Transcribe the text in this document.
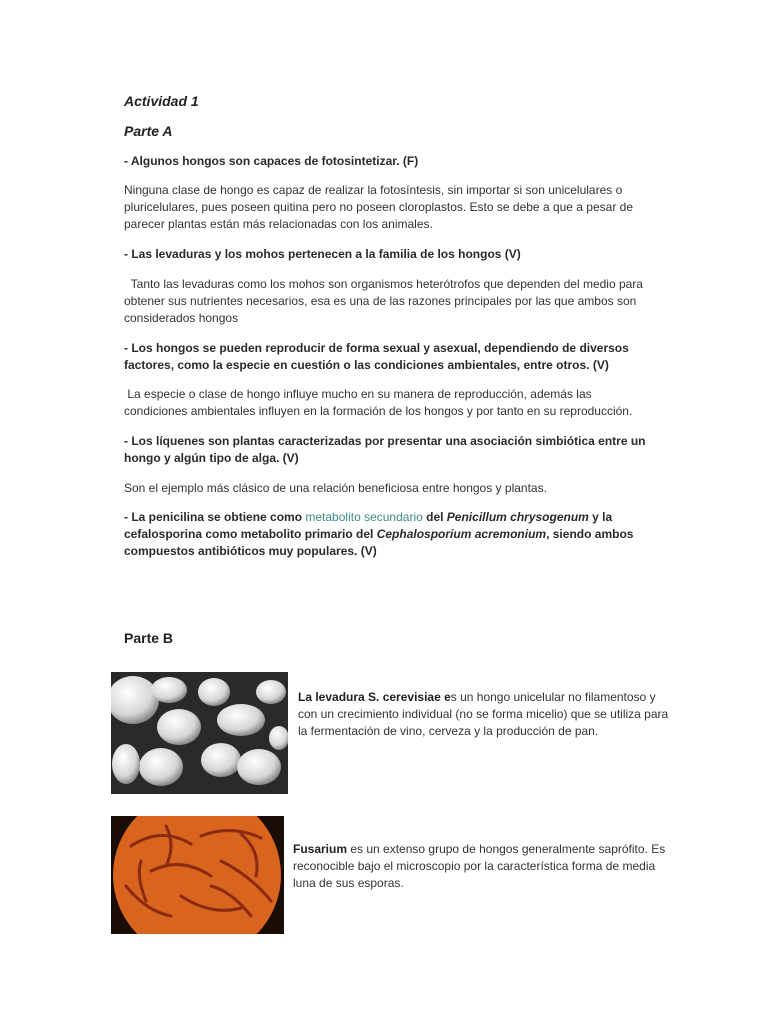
Actividad 1
Parte A
- Algunos hongos son capaces de fotosintetizar. (F)
Ninguna clase de hongo es capaz de realizar la fotosíntesis, sin importar si son unicelulares o pluricelulares, pues poseen quitina pero no poseen cloroplastos. Esto se debe a que a pesar de parecer plantas están más relacionadas con los animales.
- Las levaduras y los mohos pertenecen a la familia de los hongos (V)
Tanto las levaduras como los mohos son organismos heterótrofos que dependen del medio para obtener sus nutrientes necesarios, esa es una de las razones principales por las que ambos son considerados hongos
- Los hongos se pueden reproducir de forma sexual y asexual, dependiendo de diversos factores, como la especie en cuestión o las condiciones ambientales, entre otros. (V)
La especie o clase de hongo influye mucho en su manera de reproducción, además las condiciones ambientales influyen en la formación de los hongos y por tanto en su reproducción.
- Los líquenes son plantas caracterizadas por presentar una asociación simbiótica entre un hongo y algún tipo de alga. (V)
Son el ejemplo más clásico de una relación beneficiosa entre hongos y plantas.
- La penicilina se obtiene como metabolito secundario del Penicillum chrysogenum y la cefalosporina como metabolito primario del Cephalosporium acremonium, siendo ambos compuestos antibióticos muy populares. (V)
Parte B
La levadura S. cerevisiae es un hongo unicelular no filamentoso y con un crecimiento individual (no se forma micelio) que se utiliza para la fermentación de vino, cerveza y la producción de pan.
Fusarium es un extenso grupo de hongos generalmente saprófito. Es reconocible bajo el microscopio por la característica forma de media luna de sus esporas.
